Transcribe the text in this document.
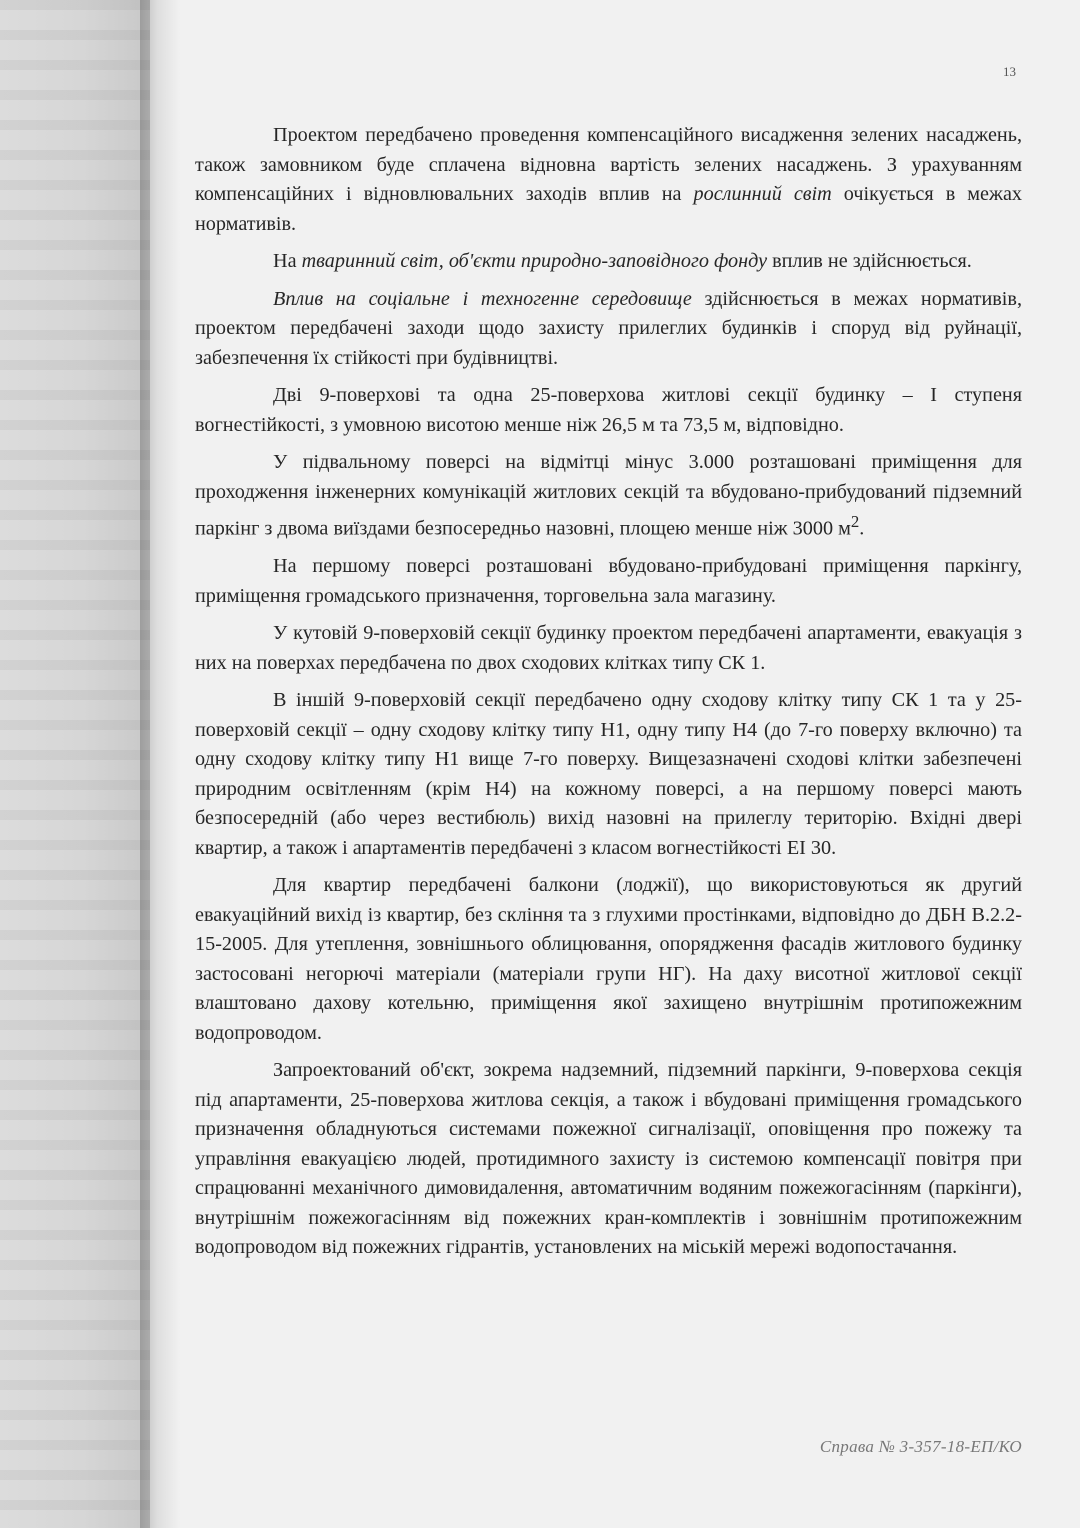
13

Проектом передбачено проведення компенсаційного висадження зелених насаджень, також замовником буде сплачена відновна вартість зелених насаджень. З урахуванням компенсаційних і відновлювальних заходів вплив на рослинний світ очікується в межах нормативів.

На тваринний світ, об'єкти природно-заповідного фонду вплив не здійснюється.

Вплив на соціальне і техногенне середовище здійснюється в межах нормативів, проектом передбачені заходи щодо захисту прилеглих будинків і споруд від руйнації, забезпечення їх стійкості при будівництві.

Дві 9-поверхові та одна 25-поверхова житлові секції будинку – І ступеня вогнестійкості, з умовною висотою менше ніж 26,5 м та 73,5 м, відповідно.

У підвальному поверсі на відмітці мінус 3.000 розташовані приміщення для проходження інженерних комунікацій житлових секцій та вбудовано-прибудований підземний паркінг з двома виїздами безпосередньо назовні, площею менше ніж 3000 $м^2$.

На першому поверсі розташовані вбудовано-прибудовані приміщення паркінгу, приміщення громадського призначення, торговельна зала магазину.

У кутовій 9-поверховій секції будинку проектом передбачені апартаменти, евакуація з них на поверхах передбачена по двох сходових клітках типу СК 1.

В іншій 9-поверховій секції передбачено одну сходову клітку типу СК 1 та у 25-поверховій секції – одну сходову клітку типу Н1, одну типу Н4 (до 7-го поверху включно) та одну сходову клітку типу Н1 вище 7-го поверху. Вищезазначені сходові клітки забезпечені природним освітленням (крім Н4) на кожному поверсі, а на першому поверсі мають безпосередній (або через вестибюль) вихід назовні на прилеглу територію. Вхідні двері квартир, а також і апартаментів передбачені з класом вогнестійкості ЕІ 30.

Для квартир передбачені балкони (лоджії), що використовуються як другий евакуаційний вихід із квартир, без скління та з глухими простінками, відповідно до ДБН В.2.2-15-2005. Для утеплення, зовнішнього облицювання, опорядження фасадів житлового будинку застосовані негорючі матеріали (матеріали групи НГ). На даху висотної житлової секції влаштовано дахову котельню, приміщення якої захищено внутрішнім протипожежним водопроводом.

Запроектований об'єкт, зокрема надземний, підземний паркінги, 9-поверхова секція під апартаменти, 25-поверхова житлова секція, а також і вбудовані приміщення громадського призначення обладнуються системами пожежної сигналізації, оповіщення про пожежу та управління евакуацією людей, протидимного захисту із системою компенсації повітря при спрацюванні механічного димовидалення, автоматичним водяним пожежогасінням (паркінги), внутрішнім пожежогасінням від пожежних кран-комплектів і зовнішнім протипожежним водопроводом від пожежних гідрантів, установлених на міській мережі водопостачання.

Справа № 3-357-18-ЕП/КО
